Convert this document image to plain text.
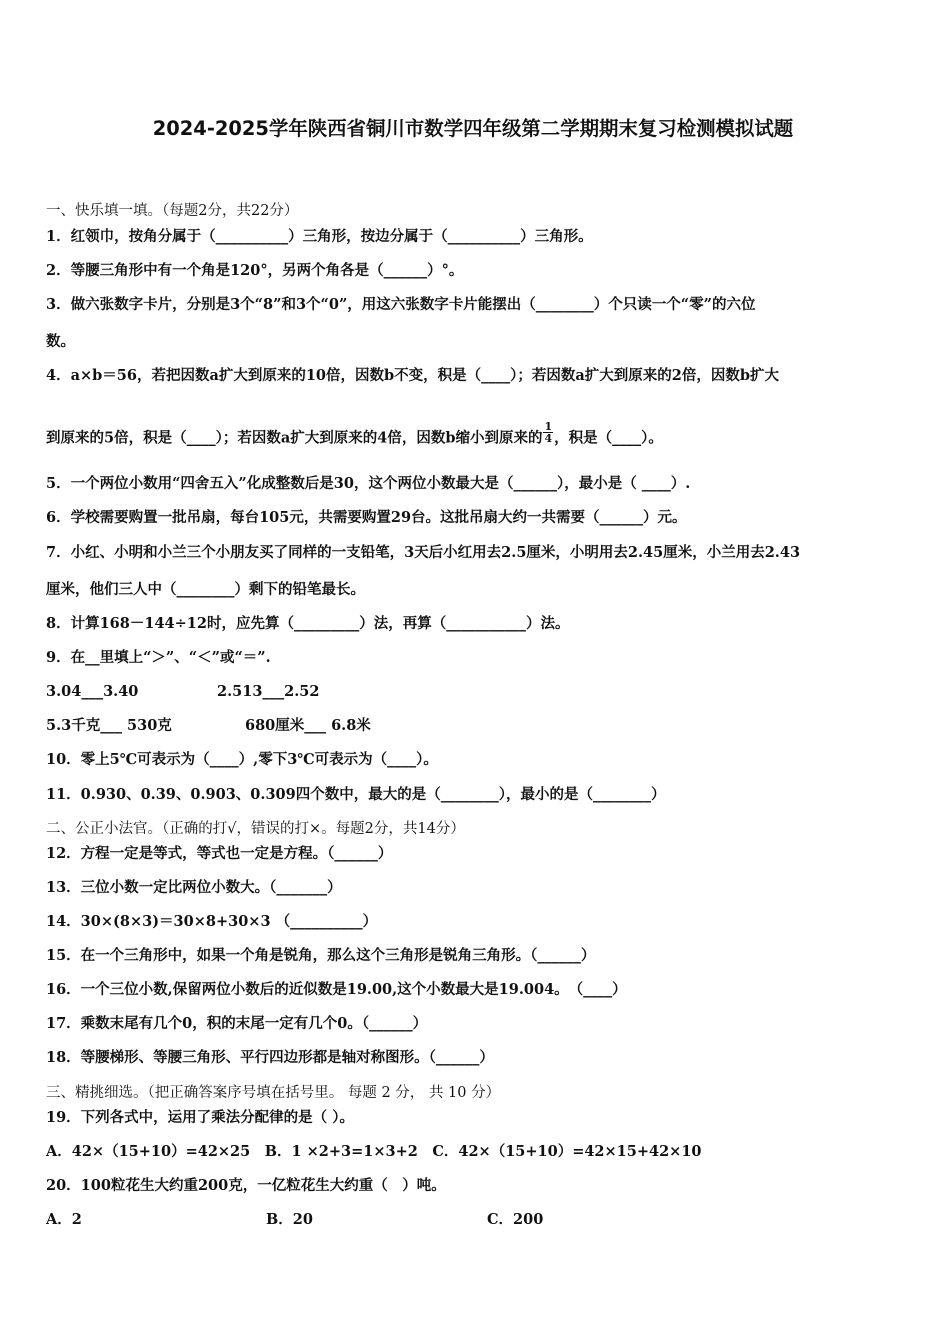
2024-2025学年陕西省铜川市数学四年级第二学期期末复习检测模拟试题
一、快乐填一填。（每题2分，共22分）
1．红领巾，按角分属于（__________）三角形，按边分属于（__________）三角形。
2．等腰三角形中有一个角是120°，另两个角各是（______）°。
3．做六张数字卡片，分别是3个“8”和3个“0”，用这六张数字卡片能摆出（________）个只读一个“零”的六位
数。
4．a×b＝56，若把因数a扩大到原来的10倍，因数b不变，积是（____）；若因数a扩大到原来的2倍，因数b扩大
到原来的5倍，积是（____）；若因数a扩大到原来的4倍，因数b缩小到原来的 $\frac{1}{4}$ ，积是（____）。
5．一个两位小数用“四舍五入”化成整数后是30，这个两位小数最大是（______），最小是（ ____）.
6．学校需要购置一批吊扇，每台105元，共需要购置29台。这批吊扇大约一共需要（______）元。
7．小红、小明和小兰三个小朋友买了同样的一支铅笔，3天后小红用去2.5厘米，小明用去2.45厘米，小兰用去2.43
厘米，他们三人中（________）剩下的铅笔最长。
8．计算168－144÷12时，应先算（_________）法，再算（___________）法。
9．在__里填上“＞”、“＜”或“＝”.
3.04___3.40	2.513___2.52
5.3千克___ 530克	680厘米___ 6.8米
10．零上5℃可表示为（____）,零下3℃可表示为（____）。
11．0.930、0.39、0.903、0.309四个数中，最大的是（________），最小的是（________）
二、公正小法官。（正确的打√，错误的打×。每题2分，共14分）
12．方程一定是等式，等式也一定是方程。（______）
13．三位小数一定比两位小数大。（_______）
14．30×(8×3)＝30×8+30×3 （__________）
15．在一个三角形中，如果一个角是锐角，那么这个三角形是锐角三角形。（______）
16．一个三位小数,保留两位小数后的近似数是19.00,这个小数最大是19.004。　（____）
17．乘数末尾有几个0，积的末尾一定有几个0。（______）
18．等腰梯形、等腰三角形、平行四边形都是轴对称图形。（______）
三、精挑细选。（把正确答案序号填在括号里。 每题 2 分， 共 10 分）
19．下列各式中，运用了乘法分配律的是（ ）。
A．42×（15+10）=42×25　B．1 ×2+3=1×3+2　C．42×（15+10）=42×15+42×10
20．100粒花生大约重200克，一亿粒花生大约重（　）吨。
A．2	B．20	C．200
